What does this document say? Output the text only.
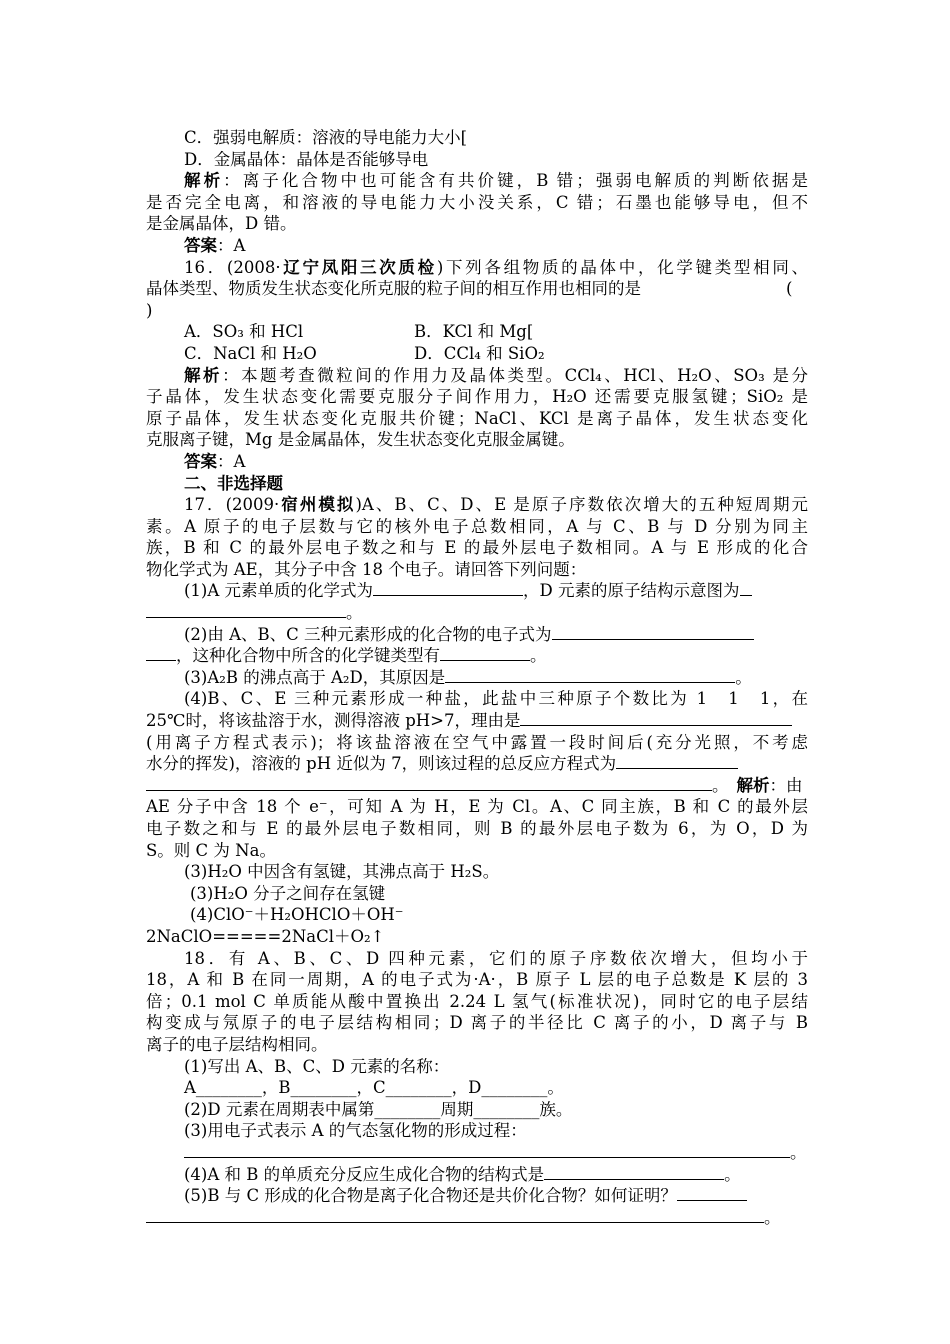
C．强弱电解质：溶液的导电能力大小[
D．金属晶体：晶体是否能够导电
解析：离子化合物中也可能含有共价键，B 错；强弱电解质的判断依据是
是否完全电离，和溶液的导电能力大小没关系，C 错；石墨也能够导电，但不
是金属晶体，D 错。
答案：A
16．(2008·辽宁凤阳三次质检)下列各组物质的晶体中，化学键类型相同、
晶体类型、物质发生状态变化所克服的粒子间的相互作用也相同的是	(
)
A．SO₃ 和 HCl	B．KCl 和 Mg[
C．NaCl 和 H₂O	D．CCl₄ 和 SiO₂
解析：本题考查微粒间的作用力及晶体类型。CCl₄、HCl、H₂O、SO₃ 是分
子晶体，发生状态变化需要克服分子间作用力，H₂O 还需要克服氢键；SiO₂ 是
原子晶体，发生状态变化克服共价键；NaCl、KCl 是离子晶体，发生状态变化
克服离子键，Mg 是金属晶体，发生状态变化克服金属键。
答案：A
二、非选择题
17．(2009·宿州模拟)A、B、C、D、E 是原子序数依次增大的五种短周期元
素。A 原子的电子层数与它的核外电子总数相同，A 与 C、B 与 D 分别为同主
族，B 和 C 的最外层电子数之和与 E 的最外层电子数相同。A 与 E 形成的化合
物化学式为 AE，其分子中含 18 个电子。请回答下列问题：
(1)A 元素单质的化学式为	，D 元素的原子结构示意图为
。
(2)由 A、B、C 三种元素形成的化合物的电子式为
，这种化合物中所含的化学键类型有	。
(3)A₂B 的沸点高于 A₂D，其原因是	。
(4)B、C、E 三种元素形成一种盐，此盐中三种原子个数比为 1　1　1，在
25℃时，将该盐溶于水，测得溶液 pH>7，理由是
(用离子方程式表示)；将该盐溶液在空气中露置一段时间后(充分光照，不考虑
水分的挥发)，溶液的 pH 近似为 7，则该过程的总反应方程式为
。 解析：由
AE 分子中含 18 个 e⁻，可知 A 为 H，E 为 Cl。A、C 同主族，B 和 C 的最外层
电子数之和与 E 的最外层电子数相同，则 B 的最外层电子数为 6，为 O，D 为
S。则 C 为 Na。
(3)H₂O 中因含有氢键，其沸点高于 H₂S。
(3)H₂O 分子之间存在氢键
(4)ClO⁻＋H₂OHClO＋OH⁻
2NaClO=====2NaCl＋O₂↑
18．有 A、B、C、D 四种元素，它们的原子序数依次增大，但均小于
18，A 和 B 在同一周期，A 的电子式为·A·，B 原子 L 层的电子总数是 K 层的 3
倍；0.1 mol C 单质能从酸中置换出 2.24 L 氢气(标准状况)，同时它的电子层结
构变成与氖原子的电子层结构相同；D 离子的半径比 C 离子的小，D 离子与 B
离子的电子层结构相同。
(1)写出 A、B、C、D 元素的名称：
A________，B________，C________，D________。
(2)D 元素在周期表中属第________周期________族。
(3)用电子式表示 A 的气态氢化物的形成过程：
。
(4)A 和 B 的单质充分反应生成化合物的结构式是	。
(5)B 与 C 形成的化合物是离子化合物还是共价化合物？如何证明？
。
